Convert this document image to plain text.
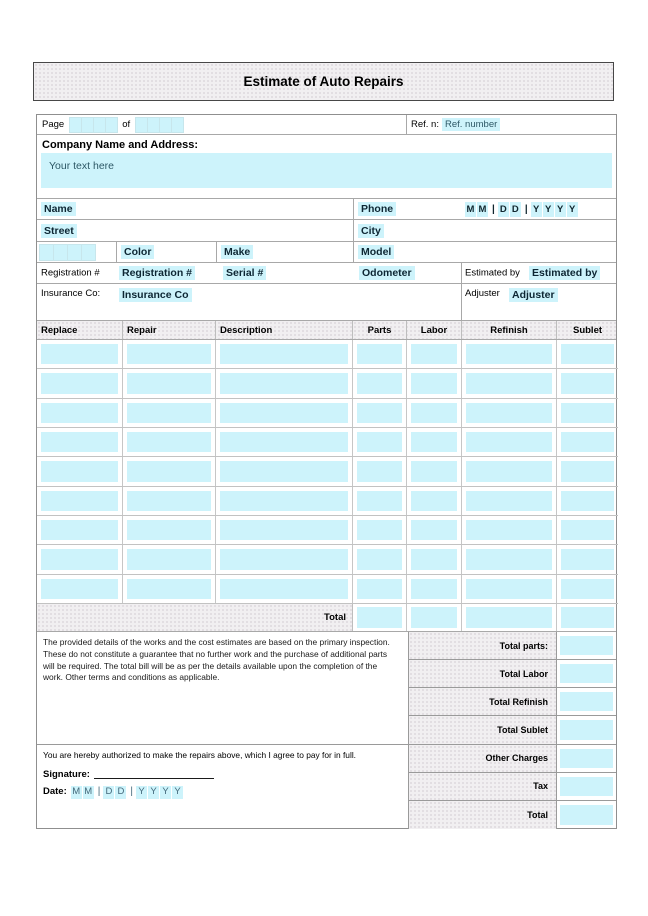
Estimate of Auto Repairs
Page	of	Ref. n: Ref. number
Company Name and Address:
Your text here
Name	Phone	M M | D D | Y Y Y Y
Street	City
Color	Make	Model
Registration # Registration #	Serial #	Odometer	Estimated by Estimated by
Insurance Co: Insurance Co	Adjuster Adjuster
Replace	Repair	Description	Parts	Labor	Refinish	Sublet
Total
The provided details of the works and the cost estimates are based on the primary inspection. These do not constitute a guarantee that no further work and the purchase of additional parts will be required. The total bill will be as per the details available upon the completion of the work. Other terms and conditions as applicable.
You are hereby authorized to make the repairs above, which I agree to pay for in full.
Signature:
Date: M M | D D | Y Y Y Y
Total parts:
Total Labor
Total Refinish
Total Sublet
Other Charges
Tax
Total
